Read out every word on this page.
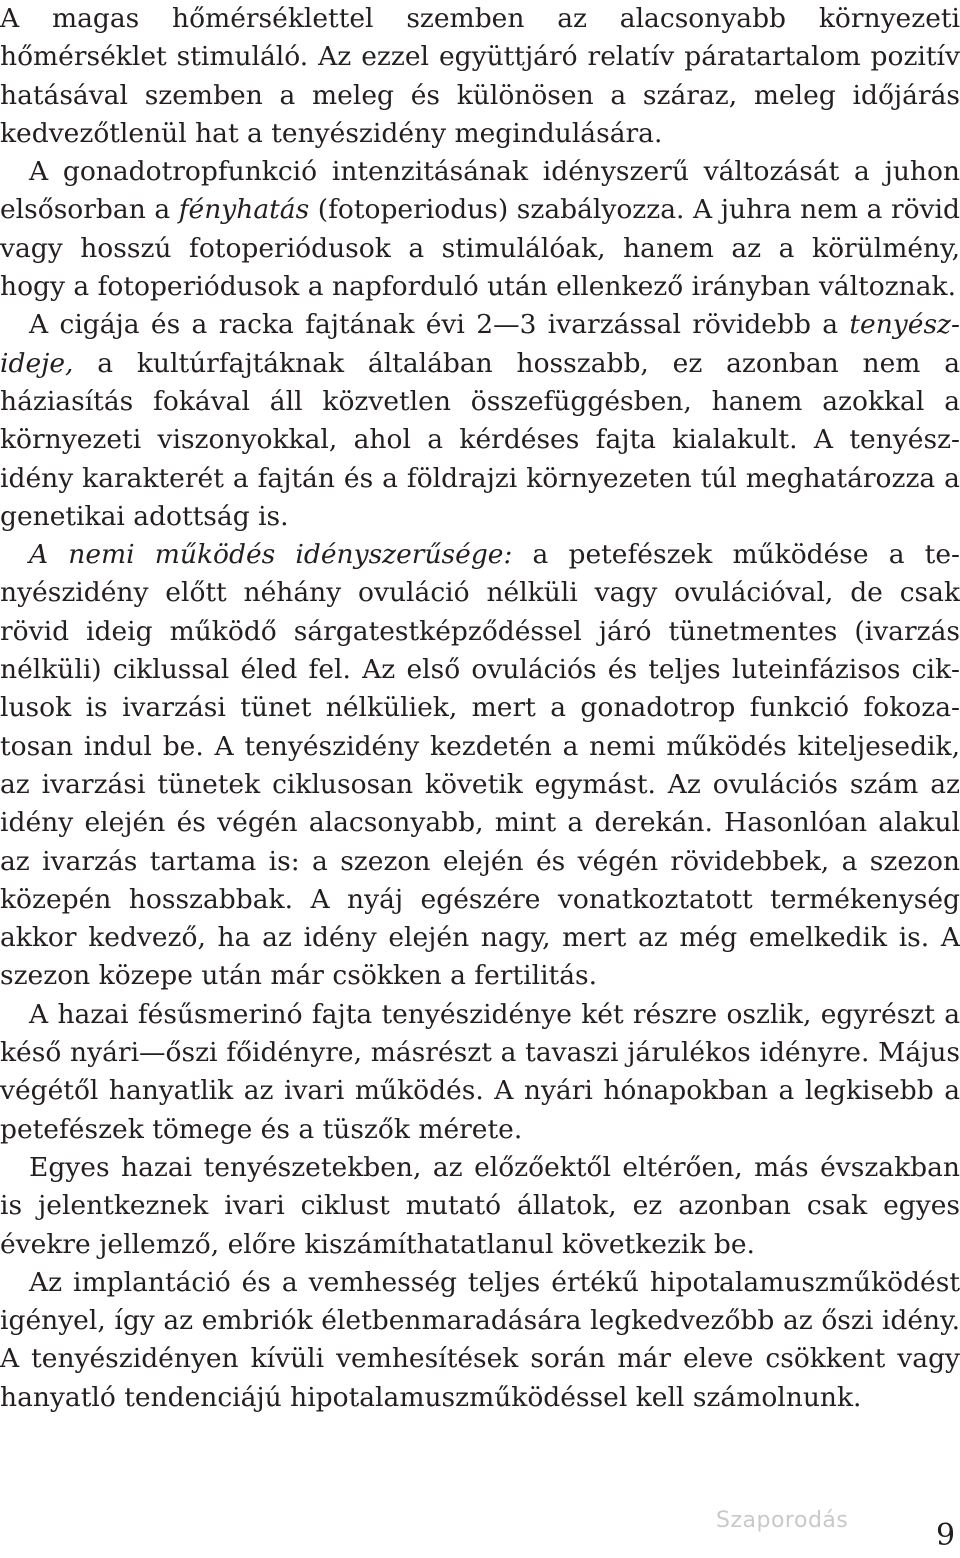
A magas hőmérséklettel szemben az alacsonyabb környezeti hőmérséklet stimuláló. Az ezzel együttjáró relatív páratartalom pozitív hatásával szemben a meleg és különösen a száraz, meleg időjárás kedvezőtlenül hat a tenyészidény megindulására.

A gonadotropfunkció intenzitásának idényszerű változását a juhon elsősorban a fényhatás (fotoperiodus) szabályozza. A juhra nem a rövid vagy hosszú fotoperiódusok a stimulálóak, hanem az a körülmény, hogy a fotoperiódusok a napforduló után ellenkező irányban változnak.

A cigája és a racka fajtának évi 2—3 ivarzással rövidebb a tenyészideje, a kultúrfajtáknak általában hosszabb, ez azonban nem a háziasítás fokával áll közvetlen összefüggésben, hanem azokkal a környezeti viszonyokkal, ahol a kérdéses fajta kialakult. A tenyészidény karakterét a fajtán és a földrajzi környezeten túl meghatározza a genetikai adottság is.

A nemi működés idényszerűsége: a petefészek működése a tenyészidény előtt néhány ovuláció nélküli vagy ovulációval, de csak rövid ideig működő sárgatestképződéssel járó tünetmentes (ivarzás nélküli) ciklussal éled fel. Az első ovulációs és teljes luteinfázisos ciklusok is ivarzási tünet nélküliek, mert a gonadotrop funkció fokozatosan indul be. A tenyészidény kezdetén a nemi működés kiteljesedik, az ivarzási tünetek ciklusosan követik egymást. Az ovulációs szám az idény elején és végén alacsonyabb, mint a derekán. Hasonlóan alakul az ivarzás tartama is: a szezon elején és végén rövidebbek, a szezon közepén hosszabbak. A nyáj egészére vonatkoztatott termékenység akkor kedvező, ha az idény elején nagy, mert az még emelkedik is. A szezon közepe után már csökken a fertilitás.

A hazai fésűsmerinó fajta tenyészidénye két részre oszlik, egyrészt a késő nyári—őszi főidényre, másrészt a tavaszi járulékos idényre. Május végétől hanyatlik az ivari működés. A nyári hónapokban a legkisebb a petefészek tömege és a tüszők mérete.

Egyes hazai tenyészetekben, az előzőektől eltérően, más évszakban is jelentkeznek ivari ciklust mutató állatok, ez azonban csak egyes évekre jellemző, előre kiszámíthatatlanul következik be.

Az implantáció és a vemhesség teljes értékű hipotalamuszműködést igényel, így az embriók életbenmaradására legkedvezőbb az őszi idény. A tenyészidényen kívüli vemhesítések során már eleve csökkent vagy hanyatló tendenciájú hipotalamuszműködéssel kell számolnunk.

Szaporodás	9
